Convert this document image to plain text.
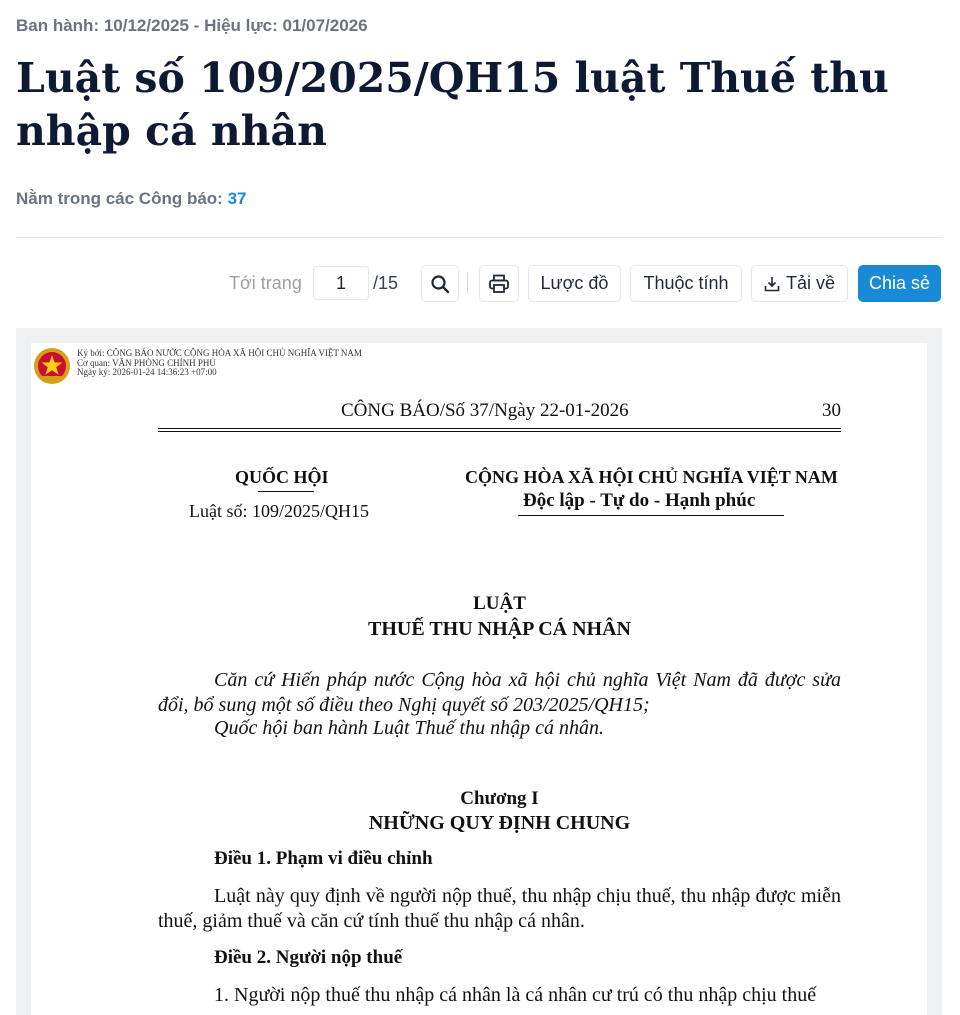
Ban hành: 10/12/2025 - Hiệu lực: 01/07/2026
Luật số 109/2025/QH15 luật Thuế thu nhập cá nhân
Nằm trong các Công báo: 37
Tới trang
1	/15	Lược đồ	Thuộc tính	Tải về	Chia sẻ
Ký bởi: CÔNG BÁO NƯỚC CỘNG HÒA XÃ HỘI CHỦ NGHĨA VIỆT NAM
Cơ quan: VĂN PHÒNG CHÍNH PHỦ
Ngày ký: 2026-01-24 14:36:23 +07:00
CÔNG BÁO/Số 37/Ngày 22-01-2026	30
QUỐC HỘI
Luật số: 109/2025/QH15
CỘNG HÒA XÃ HỘI CHỦ NGHĨA VIỆT NAM
Độc lập - Tự do - Hạnh phúc
LUẬT
THUẾ THU NHẬP CÁ NHÂN

Căn cứ Hiến pháp nước Cộng hòa xã hội chủ nghĩa Việt Nam đã được sửa đổi, bổ sung một số điều theo Nghị quyết số 203/2025/QH15;

Quốc hội ban hành Luật Thuế thu nhập cá nhân.

Chương I
NHỮNG QUY ĐỊNH CHUNG
Điều 1. Phạm vi điều chỉnh

Luật này quy định về người nộp thuế, thu nhập chịu thuế, thu nhập được miễn thuế, giảm thuế và căn cứ tính thuế thu nhập cá nhân.

Điều 2. Người nộp thuế

1. Người nộp thuế thu nhập cá nhân là cá nhân cư trú có thu nhập chịu thuế
